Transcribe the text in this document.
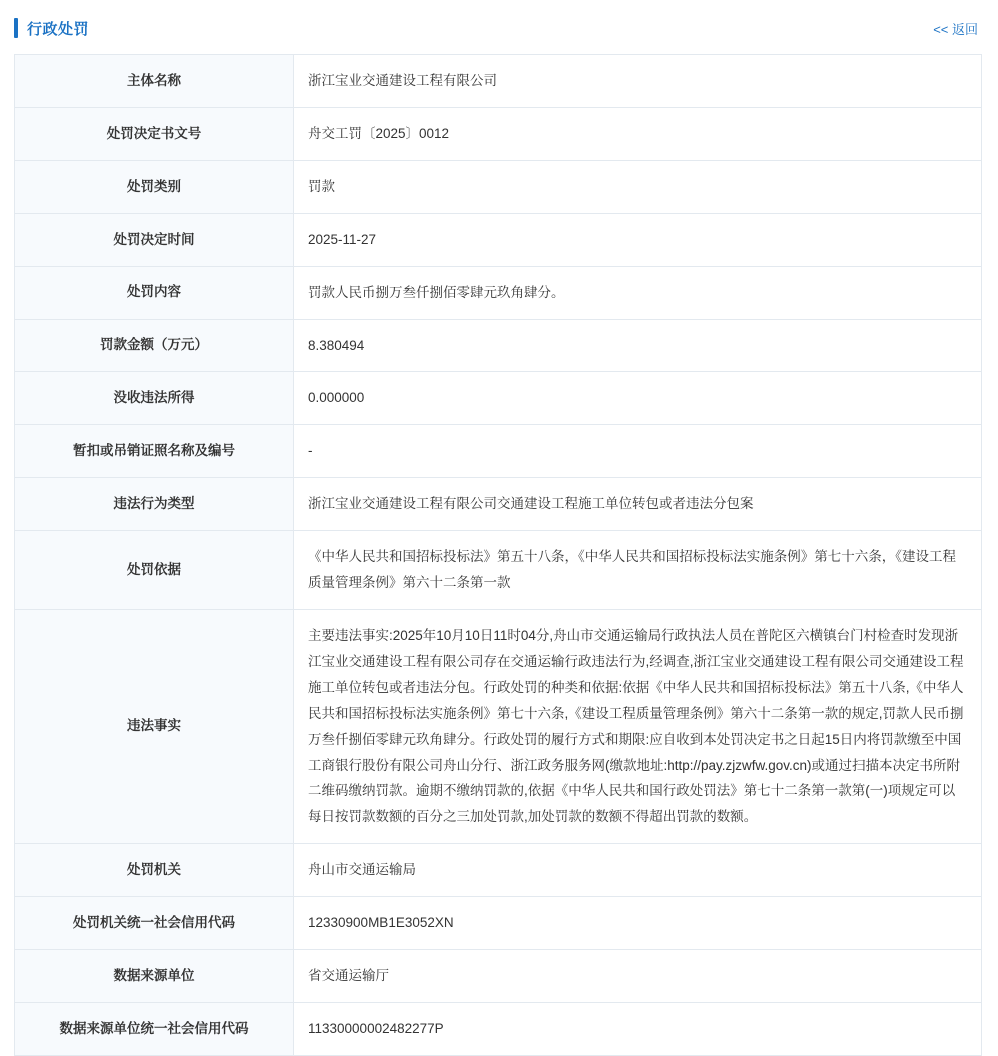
行政处罚	<< 返回
主体名称	浙江宝业交通建设工程有限公司
处罚决定书文号	舟交工罚〔2025〕0012
处罚类别	罚款
处罚决定时间	2025-11-27
处罚内容	罚款人民币捌万叁仟捌佰零肆元玖角肆分。
罚款金额（万元）	8.380494
没收违法所得	0.000000
暂扣或吊销证照名称及编号	-
违法行为类型	浙江宝业交通建设工程有限公司交通建设工程施工单位转包或者违法分包案
处罚依据	《中华人民共和国招标投标法》第五十八条，《中华人民共和国招标投标法实施条例》第七十六条，《建设工程质量管理条例》第六十二条第一款
违法事实	主要违法事实:2025年10月10日11时04分,舟山市交通运输局行政执法人员在普陀区六横镇台门村检查时发现浙江宝业交通建设工程有限公司存在交通运输行政违法行为,经调查,浙江宝业交通建设工程有限公司交通建设工程施工单位转包或者违法分包。行政处罚的种类和依据:依据《中华人民共和国招标投标法》第五十八条,《中华人民共和国招标投标法实施条例》第七十六条,《建设工程质量管理条例》第六十二条第一款的规定,罚款人民币捌万叁仟捌佰零肆元玖角肆分。行政处罚的履行方式和期限:应自收到本处罚决定书之日起15日内将罚款缴至中国工商银行股份有限公司舟山分行、浙江政务服务网(缴款地址:http://pay.zjzwfw.gov.cn)或通过扫描本决定书所附二维码缴纳罚款。逾期不缴纳罚款的,依据《中华人民共和国行政处罚法》第七十二条第一款第(一)项规定可以每日按罚款数额的百分之三加处罚款,加处罚款的数额不得超出罚款的数额。
处罚机关	舟山市交通运输局
处罚机关统一社会信用代码	12330900MB1E3052XN
数据来源单位	省交通运输厅
数据来源单位统一社会信用代码	11330000002482277P
